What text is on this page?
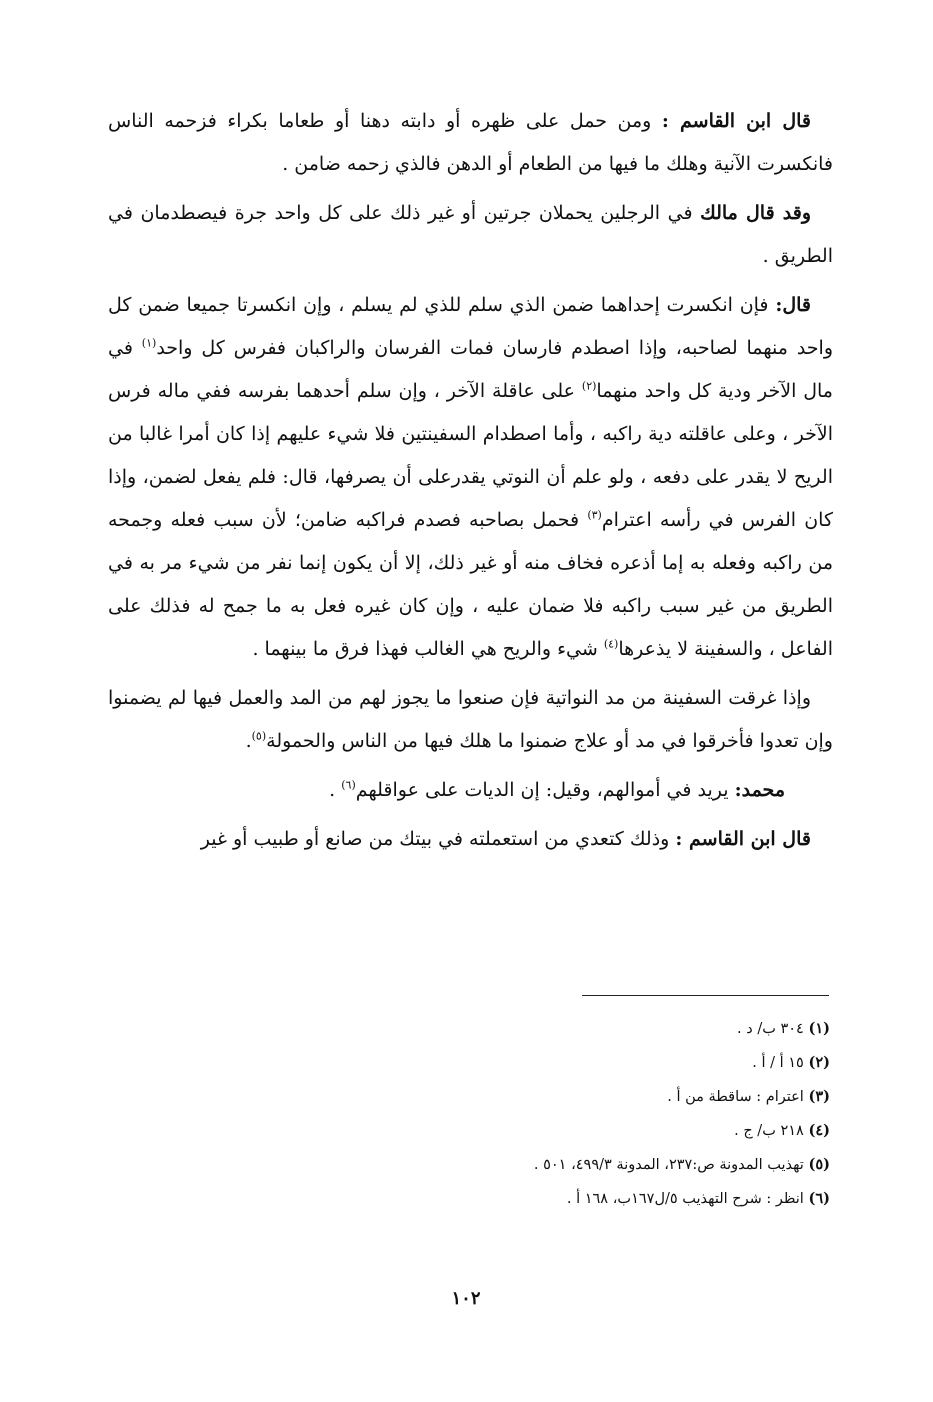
قال ابن القاسم : ومن حمل على ظهره أو دابته دهنا أو طعاما بكراء فزحمه الناس فانكسرت الآنية وهلك ما فيها من الطعام أو الدهن فالذي زحمه ضامن .

وقد قال مالك في الرجلين يحملان جرتين أو غير ذلك على كل واحد جرة فيصطدمان في الطريق .

قال: فإن انكسرت إحداهما ضمن الذي سلم للذي لم يسلم ، وإن انكسرتا جميعا ضمن كل واحد منهما لصاحبه، وإذا اصطدم فارسان فمات الفرسان والراكبان ففرس كل واحد$^{(١)}$ في مال الآخر ودية كل واحد منهما$^{(٢)}$ على عاقلة الآخر ، وإن سلم أحدهما بفرسه ففي ماله فرس الآخر ، وعلى عاقلته دية راكبه ، وأما اصطدام السفينتين فلا شيء عليهم إذا كان أمرا غالبا من الريح لا يقدر على دفعه ، ولو علم أن النوتي يقدرعلى أن يصرفها، قال: فلم يفعل لضمن، وإذا كان الفرس في رأسه اعترام$^{(٣)}$ فحمل بصاحبه فصدم فراكبه ضامن؛ لأن سبب فعله وجمحه من راكبه وفعله به إما أذعره فخاف منه أو غير ذلك، إلا أن يكون إنما نفر من شيء مر به في الطريق من غير سبب راكبه فلا ضمان عليه ، وإن كان غيره فعل به ما جمح له فذلك على الفاعل ، والسفينة لا يذعرها$^{(٤)}$ شيء والريح هي الغالب فهذا فرق ما بينهما .

وإذا غرقت السفينة من مد النواتية فإن صنعوا ما يجوز لهم من المد والعمل فيها لم يضمنوا وإن تعدوا فأخرقوا في مد أو علاج ضمنوا ما هلك فيها من الناس والحمولة$^{(٥)}$.

محمد: يريد في أموالهم، وقيل: إن الديات على عواقلهم$^{(٦)}$ .

قال ابن القاسم : وذلك كتعدي من استعملته في بيتك من صانع أو طبيب أو غير

(١) ٣٠٤ ب/ د .

(٢) ١٥ أ / أ .

(٣) اعترام : ساقطة من أ .

(٤) ٢١٨ ب/ ج .

(٥) تهذيب المدونة ص:٢٣٧، المدونة ٤٩٩/٣، ٥٠١ .

(٦) انظر : شرح التهذيب ٥/ل١٦٧ب، ١٦٨ أ .

١٠٢
